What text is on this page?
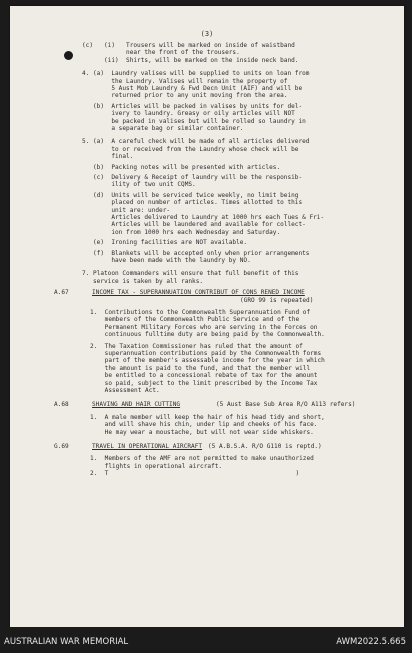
(3)
(c)   (i)   Trousers will be marked on inside of waistband
near the front of the trousers.
(ii)  Shirts, will be marked on the inside neck band.
4. (a)  Laundry valises will be supplied to units on loan from
the Laundry. Valises will remain the property of
5 Aust Mob Laundry & Fwd Decn Unit (AIF) and will be
returned prior to any unit moving from the area.
(b)  Articles will be packed in valises by units for del-
ivery to laundry. Greasy or oily articles will NOT
be packed in valises but will be rolled so laundry in
a separate bag or similar container.
5. (a)  A careful check will be made of all articles delivered
to or received from the Laundry whose check will be
final.
(b)  Packing notes will be presented with articles.
(c)  Delivery & Receipt of laundry will be the responsib-
ility of two unit CQMS.
(d)  Units will be serviced twice weekly, no limit being
placed on number of articles. Times allotted to this
unit are: under-
Articles delivered to Laundry at 1000 hrs each Tues & Fri-
Articles will be laundered and available for collect-
ion from 1000 hrs each Wednesday and Saturday.
(e)  Ironing facilities are NOT available.
(f)  Blankets will be accepted only when prior arrangements
have been made with the laundry by NO.
7. Platoon Commanders will ensure that full benefit of this
service is taken by all ranks.
A.67	INCOME TAX - SUPERANNUATION CONTRIBUT OF CONS RENED INCOME
(GRO 99 is repeated)
1.  Contributions to the Commonwealth Superannuation Fund of
members of the Commonwealth Public Service and of the
Permanent Military Forces who are serving in the Forces on
continuous fulltime duty are being paid by the Commonwealth.
2.  The Taxation Commissioner has ruled that the amount of
superannuation contributions paid by the Commonwealth forms
part of the member's assessable income for the year in which
the amount is paid to the fund, and that the member will
be entitled to a concessional rebate of tax for the amount
so paid, subject to the limit prescribed by the Income Tax
Assessment Act.
A.68	SHAVING AND HAIR CUTTING	(5 Aust Base Sub Area R/O A113 refers)
1.  A male member will keep the hair of his head tidy and short,
and will shave his chin, under lip and cheeks of his face.
He may wear a moustache, but will not wear side whiskers.
G.69	TRAVEL IN OPERATIONAL AIRCRAFT (5 A.B.S.A. R/O G110 is reptd.)
1.  Members of the AMF are not permitted to make unauthorized
flights in operational aircraft.
2.  T                                                   )
AUSTRALIAN WAR MEMORIAL	AWM2022.5.665
